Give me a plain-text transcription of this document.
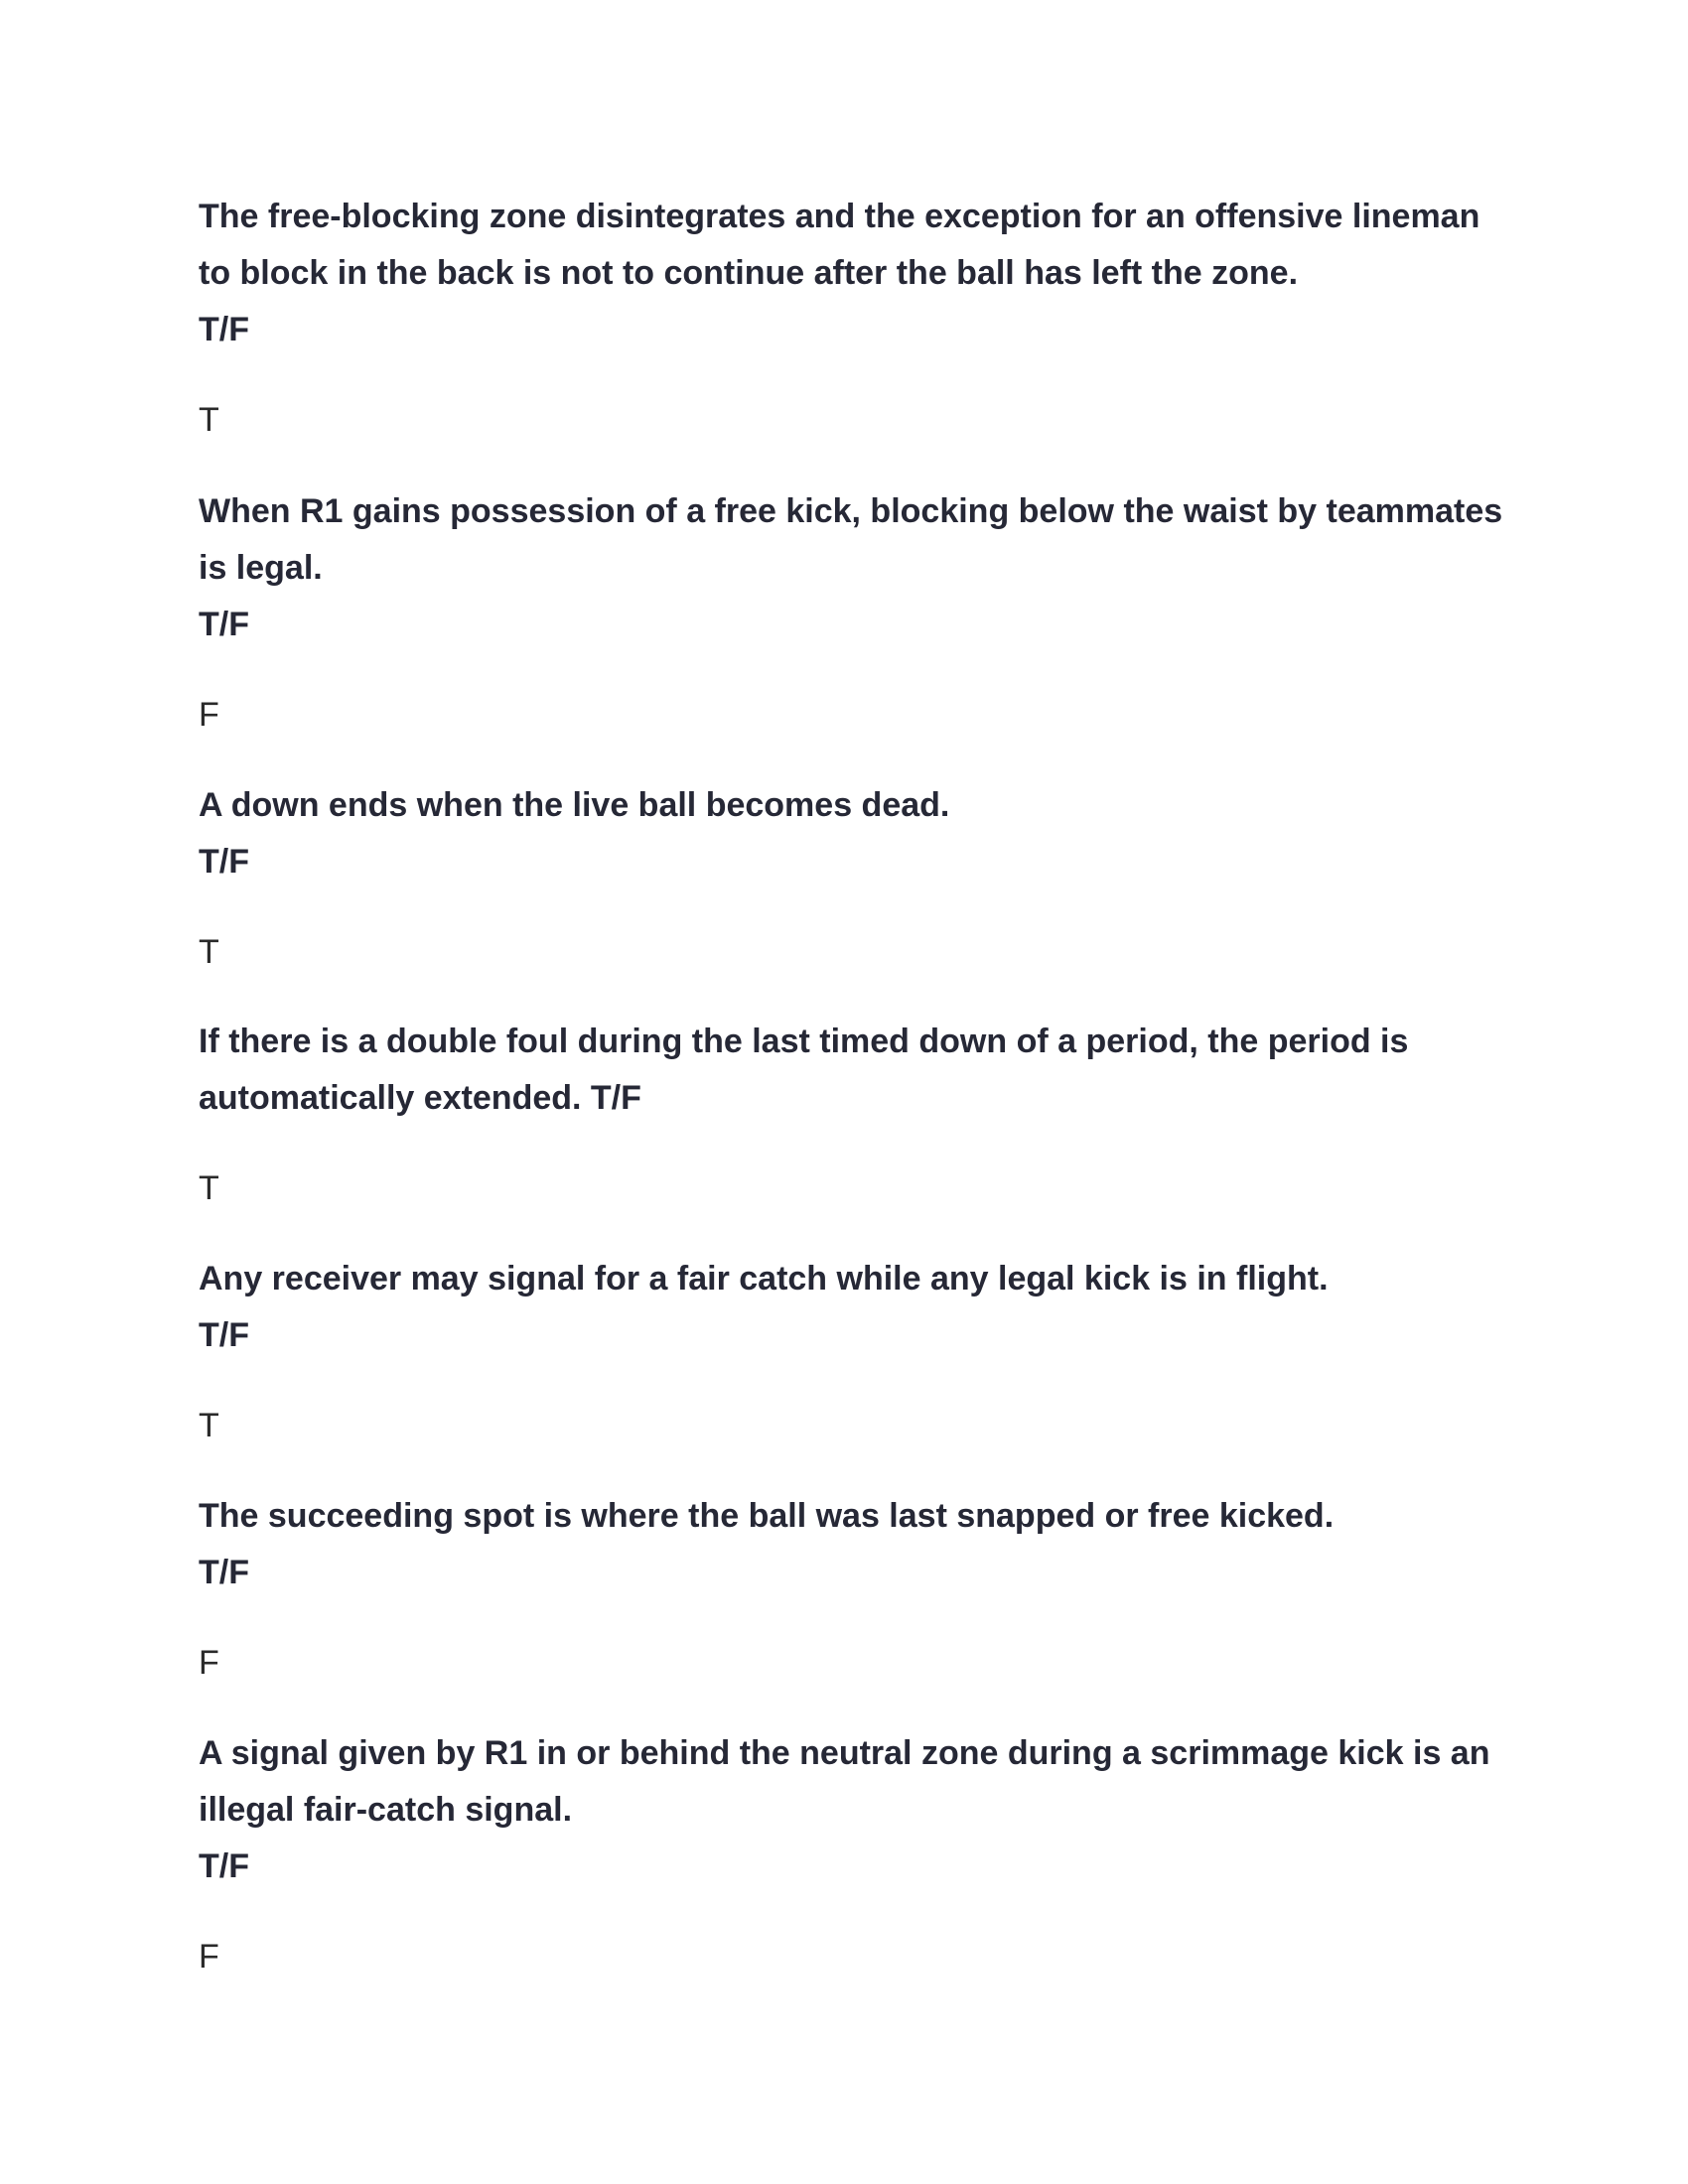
The free-blocking zone disintegrates and the exception for an offensive lineman
to block in the back is not to continue after the ball has left the zone.
T/F
T
When R1 gains possession of a free kick, blocking below the waist by teammates
is legal.
T/F
F
A down ends when the live ball becomes dead.
T/F
T
If there is a double foul during the last timed down of a period, the period is
automatically extended. T/F
T
Any receiver may signal for a fair catch while any legal kick is in flight.
T/F
T
The succeeding spot is where the ball was last snapped or free kicked.
T/F
F
A signal given by R1 in or behind the neutral zone during a scrimmage kick is an
illegal fair-catch signal.
T/F
F
